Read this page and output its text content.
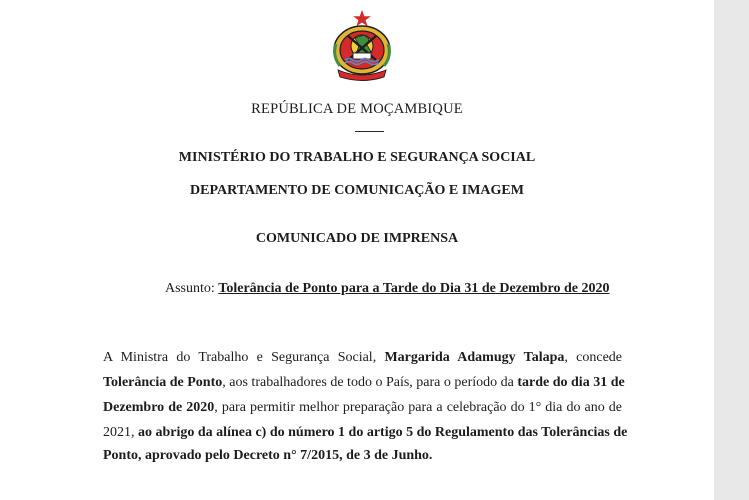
REPÚBLICA DE MOÇAMBIQUE
MINISTÉRIO DO TRABALHO E SEGURANÇA SOCIAL
DEPARTAMENTO DE COMUNICAÇÃO E IMAGEM
COMUNICADO DE IMPRENSA
Assunto: Tolerância de Ponto para a Tarde do Dia 31 de Dezembro de 2020
A Ministra do Trabalho e Segurança Social, Margarida Adamugy Talapa, concede
Tolerância de Ponto, aos trabalhadores de todo o País, para o período da tarde do dia 31 de
Dezembro de 2020, para permitir melhor preparação para a celebração do 1° dia do ano de
2021, ao abrigo da alínea c) do número 1 do artigo 5 do Regulamento das Tolerâncias de
Ponto, aprovado pelo Decreto n° 7/2015, de 3 de Junho.
